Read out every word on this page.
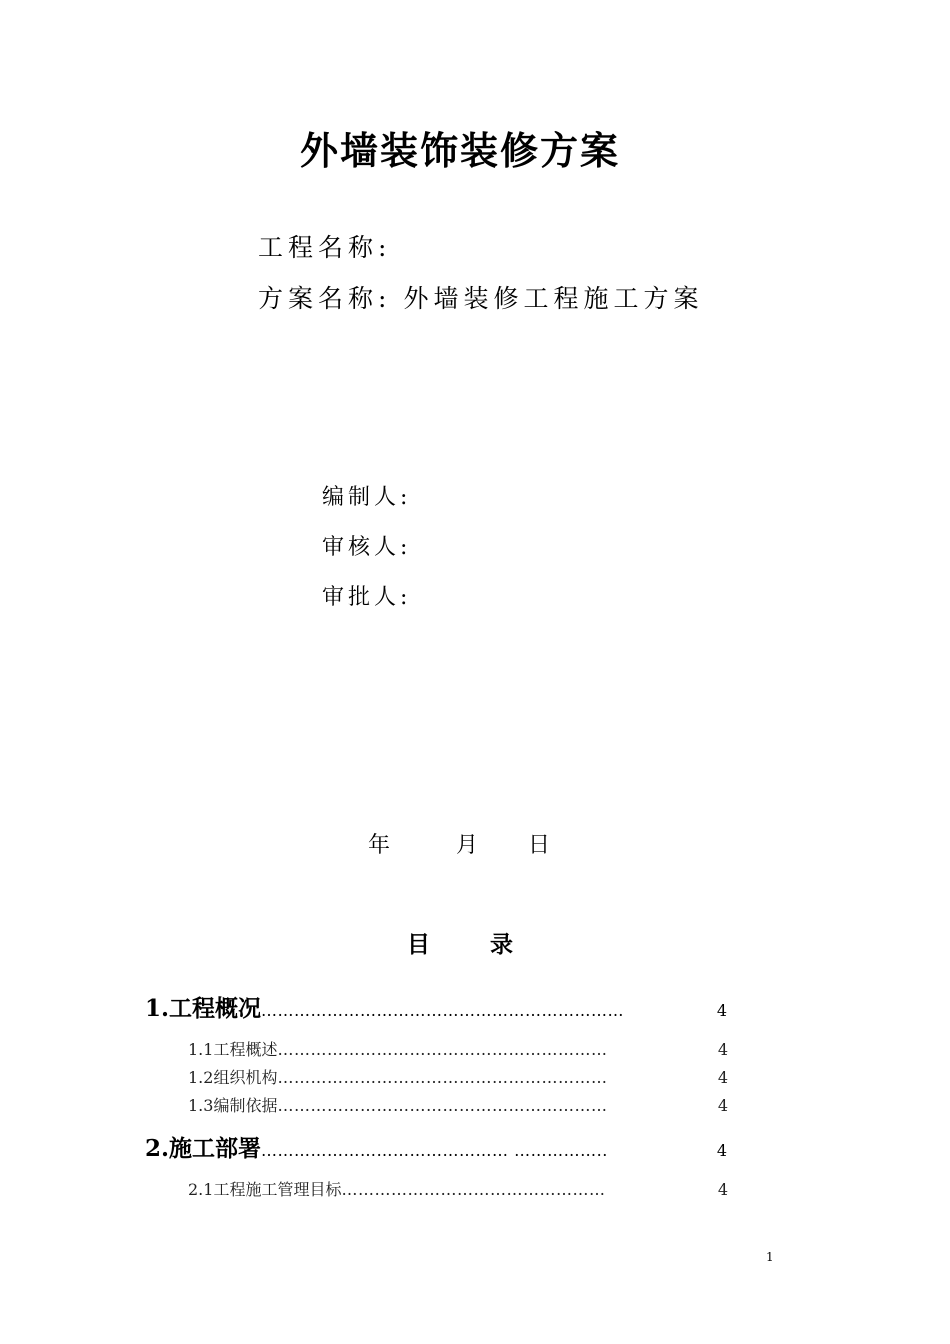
外墙装饰装修方案
工程名称:
方案名称: 外墙装修工程施工方案
编制人:
审核人:
审批人:
年	月 日
目 录
1.工程概况 …………………………………………………………	4
1.1工程概述 ……………………………………………………	4
1.2组织机构 ……………………………………………………	4
1.3编制依据 ……………………………………………………	4
2.施工部署 ……………………………………… ……………..	4
2.1工程施工管理目标 …………………………………………	4
1
